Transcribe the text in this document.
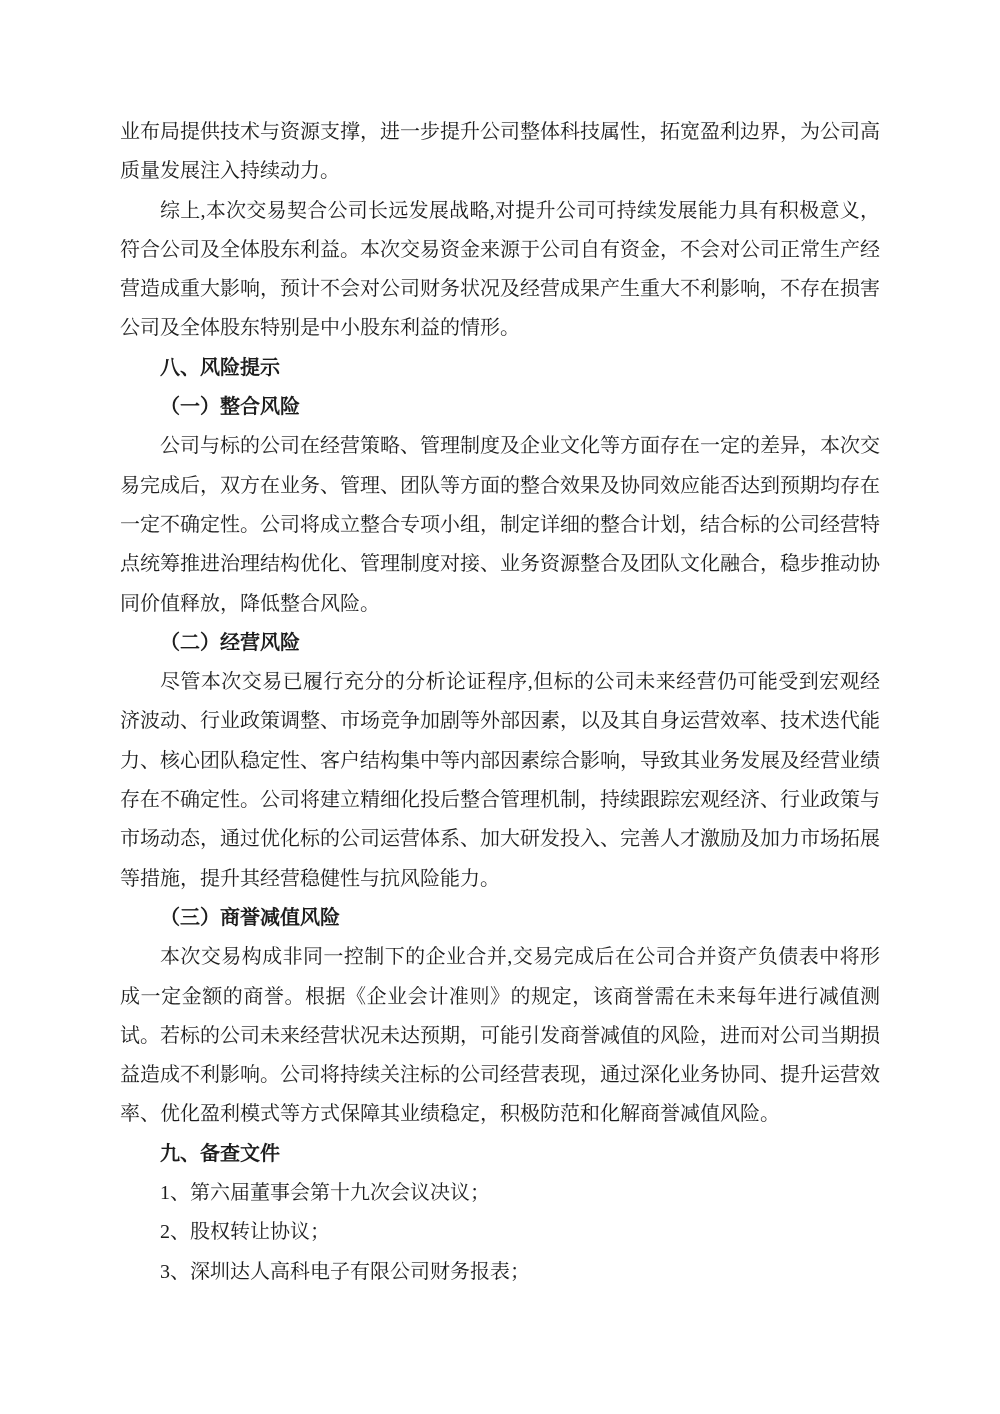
业布局提供技术与资源支撑，进一步提升公司整体科技属性，拓宽盈利边界，为公司高质量发展注入持续动力。

综上,本次交易契合公司长远发展战略,对提升公司可持续发展能力具有积极意义，符合公司及全体股东利益。本次交易资金来源于公司自有资金，不会对公司正常生产经营造成重大影响，预计不会对公司财务状况及经营成果产生重大不利影响，不存在损害公司及全体股东特别是中小股东利益的情形。

八、风险提示

（一）整合风险

公司与标的公司在经营策略、管理制度及企业文化等方面存在一定的差异，本次交易完成后，双方在业务、管理、团队等方面的整合效果及协同效应能否达到预期均存在一定不确定性。公司将成立整合专项小组，制定详细的整合计划，结合标的公司经营特点统筹推进治理结构优化、管理制度对接、业务资源整合及团队文化融合，稳步推动协同价值释放，降低整合风险。

（二）经营风险

尽管本次交易已履行充分的分析论证程序,但标的公司未来经营仍可能受到宏观经济波动、行业政策调整、市场竞争加剧等外部因素，以及其自身运营效率、技术迭代能力、核心团队稳定性、客户结构集中等内部因素综合影响，导致其业务发展及经营业绩存在不确定性。公司将建立精细化投后整合管理机制，持续跟踪宏观经济、行业政策与市场动态，通过优化标的公司运营体系、加大研发投入、完善人才激励及加力市场拓展等措施，提升其经营稳健性与抗风险能力。

（三）商誉减值风险

本次交易构成非同一控制下的企业合并,交易完成后在公司合并资产负债表中将形成一定金额的商誉。根据《企业会计准则》的规定，该商誉需在未来每年进行减值测试。若标的公司未来经营状况未达预期，可能引发商誉减值的风险，进而对公司当期损益造成不利影响。公司将持续关注标的公司经营表现，通过深化业务协同、提升运营效率、优化盈利模式等方式保障其业绩稳定，积极防范和化解商誉减值风险。

九、备查文件

1、第六届董事会第十九次会议决议；

2、股权转让协议；

3、深圳达人高科电子有限公司财务报表；
